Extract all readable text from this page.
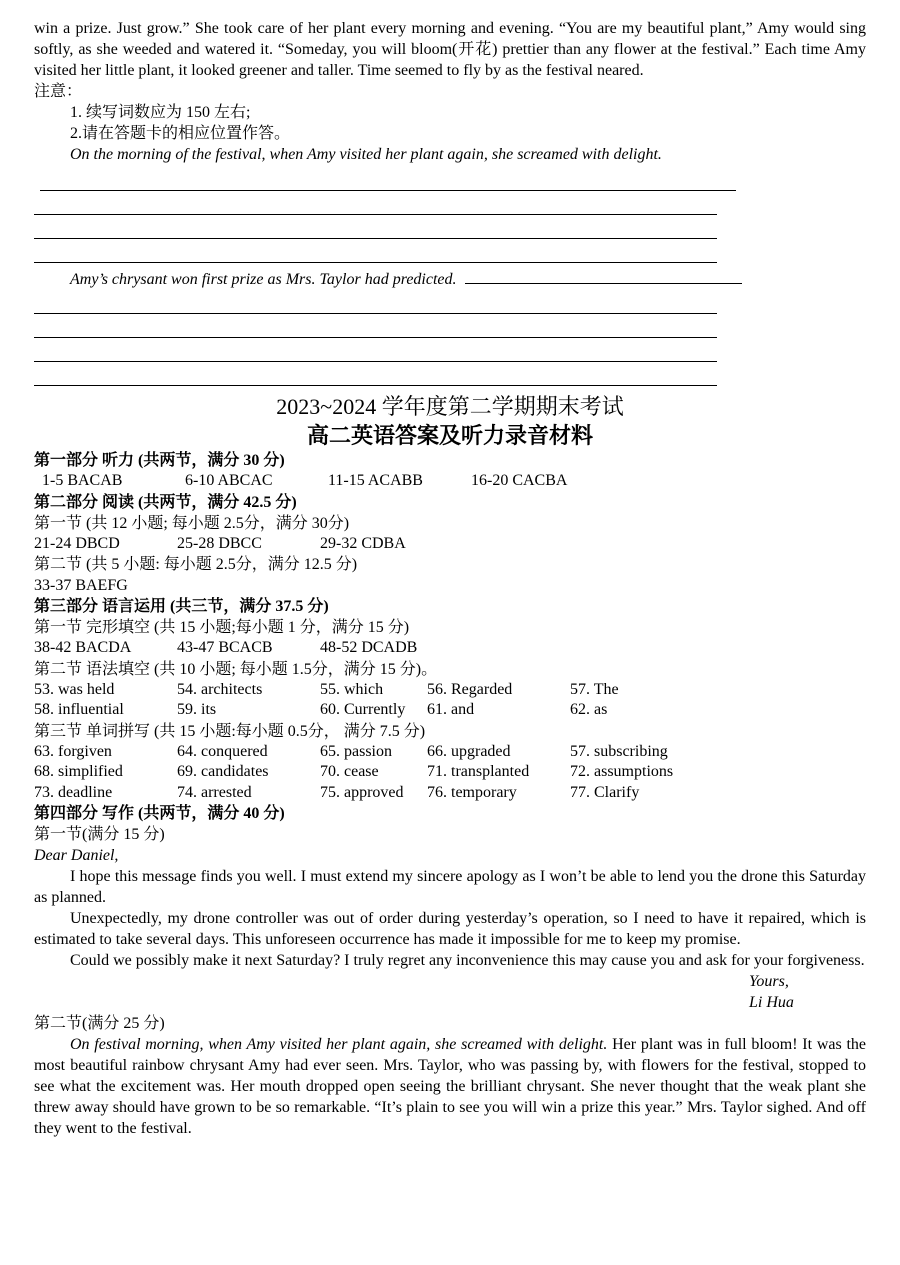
win a prize. Just grow.” She took care of her plant every morning and evening. “You are my beautiful plant,” Amy would sing softly, as she weeded and watered it. “Someday, you will bloom(开花) prettier than any flower at the festival.” Each time Amy visited her little plant, it looked greener and taller. Time seemed to fly by as the festival neared.

注意：
1. 续写词数应为 150 左右;
2.请在答题卡的相应位置作答。
On the morning of the festival, when Amy visited her plant again, she screamed with delight.
Amy’s chrysant won first prize as Mrs. Taylor had predicted.
2023~2024 学年度第二学期期末考试
高二英语答案及听力录音材料
第一部分 听力 (共两节，满分 30 分)
1-5 BACAB	6-10 ABCAC	11-15 ACABB	16-20 CACBA
第二部分 阅读 (共两节，满分 42.5 分)
第一节 (共 12 小题; 每小题 2.5分，满分 30分)
21-24 DBCD	25-28 DBCC	29-32 CDBA
第二节 (共 5 小题: 每小题 2.5分，满分 12.5 分)
33-37 BAEFG
第三部分 语言运用 (共三节，满分 37.5 分)
第一节 完形填空 (共 15 小题;每小题 1 分，满分 15 分)
38-42 BACDA	43-47 BCACB	48-52 DCADB
第二节 语法填空 (共 10 小题; 每小题 1.5分，满分 15 分)。
53. was held	54. architects	55. which	56. Regarded	57. The
58. influential	59. its	60. Currently	61. and	62. as
第三节 单词拼写 (共 15 小题:每小题 0.5分， 满分 7.5 分)
63. forgiven	64. conquered	65. passion	66. upgraded	57. subscribing
68. simplified	69. candidates	70. cease	71. transplanted	72. assumptions
73. deadline	74. arrested	75. approved	76. temporary	77. Clarify
第四部分 写作 (共两节，满分 40 分)
第一节(满分 15 分)
Dear Daniel,

I hope this message finds you well. I must extend my sincere apology as I won’t be able to lend you the drone this Saturday as planned.

Unexpectedly, my drone controller was out of order during yesterday’s operation, so I need to have it repaired, which is estimated to take several days. This unforeseen occurrence has made it impossible for me to keep my promise.

Could we possibly make it next Saturday? I truly regret any inconvenience this may cause you and ask for your forgiveness.

Yours,
Li Hua
第二节(满分 25 分)

On festival morning, when Amy visited her plant again, she screamed with delight. Her plant was in full bloom! It was the most beautiful rainbow chrysant Amy had ever seen. Mrs. Taylor, who was passing by, with flowers for the festival, stopped to see what the excitement was. Her mouth dropped open seeing the brilliant chrysant. She never thought that the weak plant she threw away should have grown to be so remarkable. “It’s plain to see you will win a prize this year.” Mrs. Taylor sighed. And off they went to the festival.
